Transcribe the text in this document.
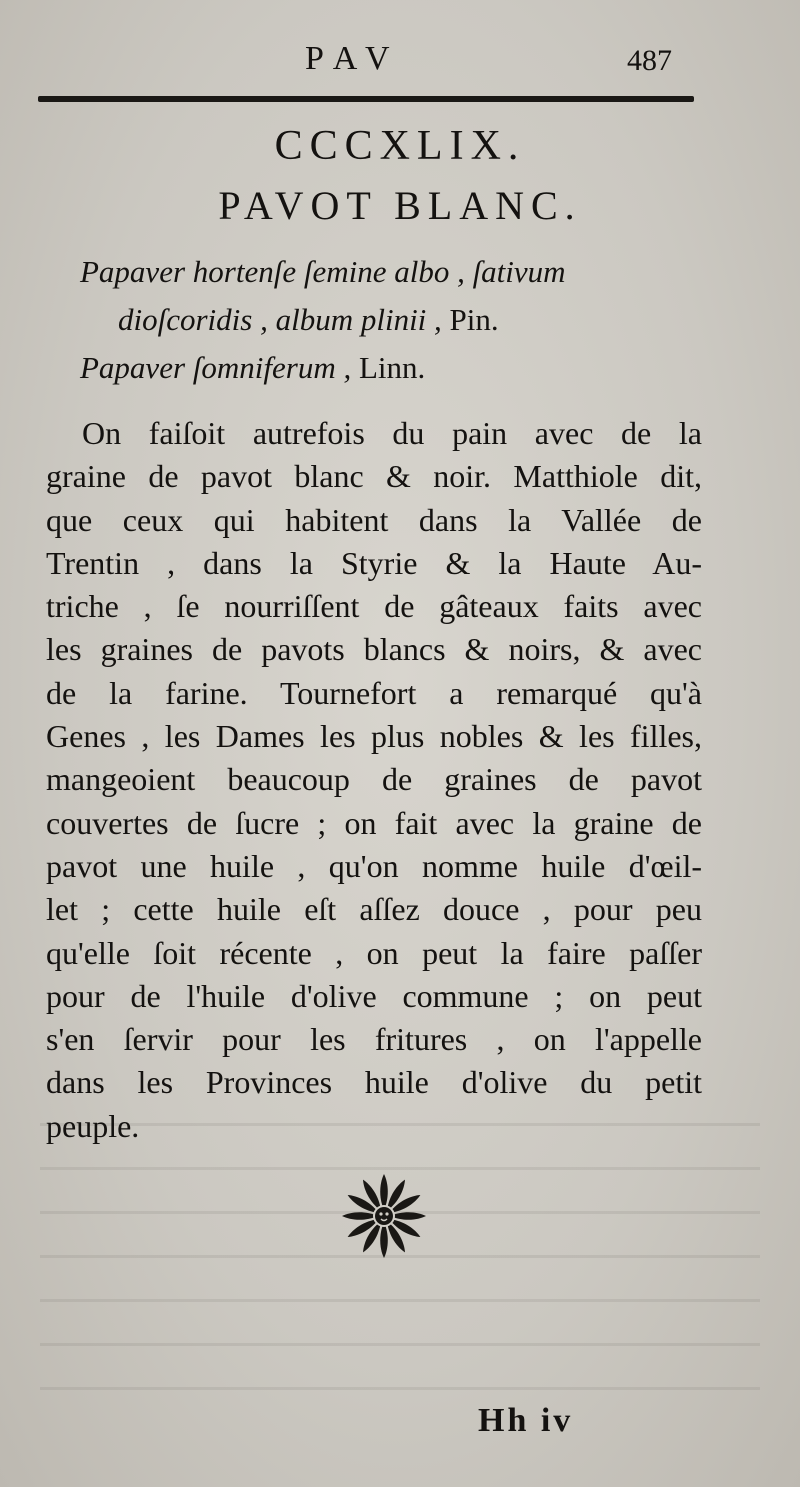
PAV	487
CCCXLIX.
PAVOT BLANC.
Papaver hortenſe ſemine albo , ſativum
dioſcoridis , album plinii , Pin.
Papaver ſomniferum , Linn.
On faiſoit autrefois du pain avec de la
graine de pavot blanc & noir. Matthiole dit,
que ceux qui habitent dans la Vallée de
Trentin , dans la Styrie & la Haute Au-
triche , ſe nourriſſent de gâteaux faits avec
les graines de pavots blancs & noirs, & avec
de la farine. Tournefort a remarqué qu'à
Genes , les Dames les plus nobles & les filles,
mangeoient beaucoup de graines de pavot
couvertes de ſucre ; on fait avec la graine de
pavot une huile , qu'on nomme huile d'œil-
let ; cette huile eſt aſſez douce , pour peu
qu'elle ſoit récente , on peut la faire paſſer
pour de l'huile d'olive commune ; on peut
s'en ſervir pour les fritures , on l'appelle
dans les Provinces huile d'olive du petit
peuple.
Hh iv
